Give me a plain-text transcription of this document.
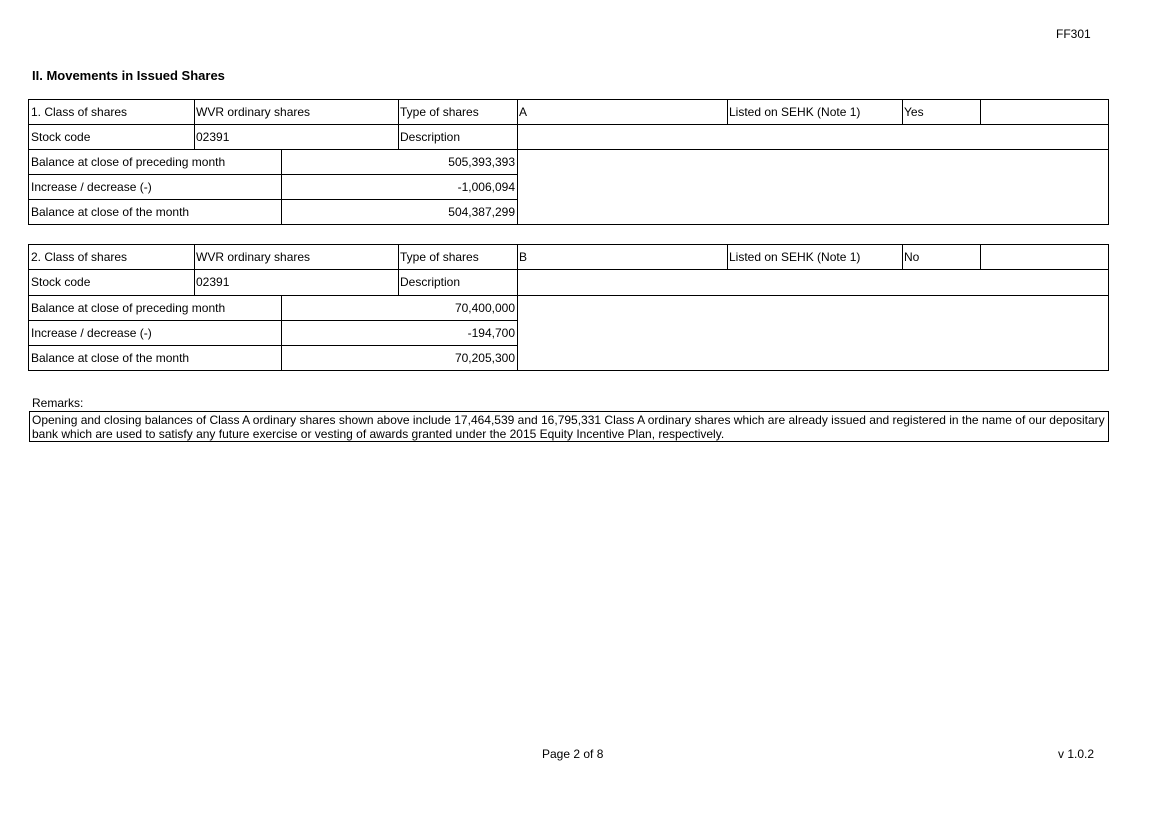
FF301
II. Movements in Issued Shares
1. Class of shares	WVR ordinary shares	Type of shares	A	Listed on SEHK (Note 1)	Yes
Stock code	02391	Description
Balance at close of preceding month	505,393,393
Increase / decrease (-)	-1,006,094
Balance at close of the month	504,387,299
2. Class of shares	WVR ordinary shares	Type of shares	B	Listed on SEHK (Note 1)	No
Stock code	02391	Description
Balance at close of preceding month	70,400,000
Increase / decrease (-)	-194,700
Balance at close of the month	70,205,300
Remarks:
Opening and closing balances of Class A ordinary shares shown above include 17,464,539 and 16,795,331 Class A ordinary shares which are already issued and registered in the name of our depositary bank which are used to satisfy any future exercise or vesting of awards granted under the 2015 Equity Incentive Plan, respectively.
Page 2 of 8	v 1.0.2
